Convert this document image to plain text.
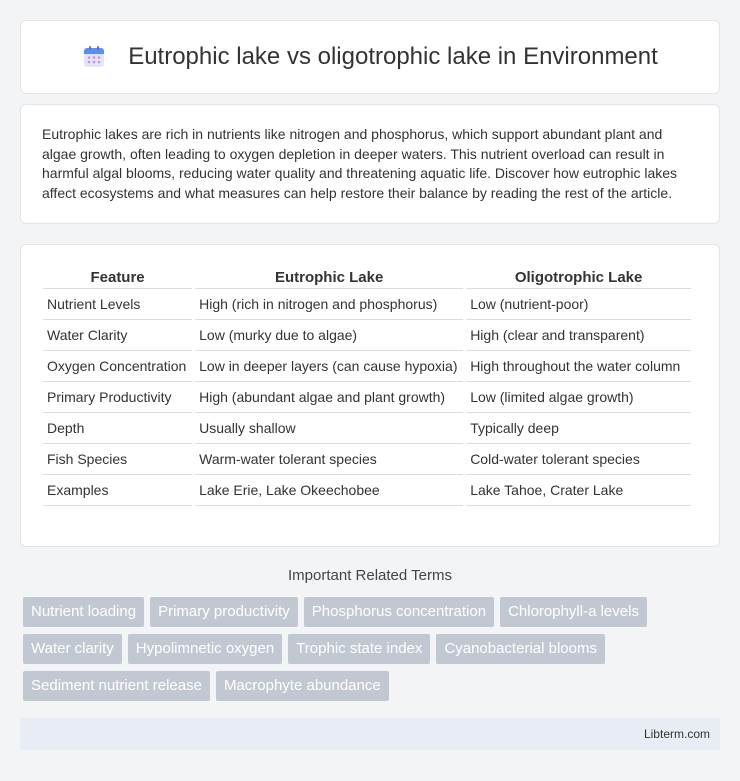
Eutrophic lake vs oligotrophic lake in Environment

Eutrophic lakes are rich in nutrients like nitrogen and phosphorus, which support abundant plant and algae growth, often leading to oxygen depletion in deeper waters. This nutrient overload can result in harmful algal blooms, reducing water quality and threatening aquatic life. Discover how eutrophic lakes affect ecosystems and what measures can help restore their balance by reading the rest of the article.

Feature	Eutrophic Lake	Oligotrophic Lake
Nutrient Levels	High (rich in nitrogen and phosphorus)	Low (nutrient-poor)
Water Clarity	Low (murky due to algae)	High (clear and transparent)
Oxygen Concentration	Low in deeper layers (can cause hypoxia)	High throughout the water column
Primary Productivity	High (abundant algae and plant growth)	Low (limited algae growth)
Depth	Usually shallow	Typically deep
Fish Species	Warm-water tolerant species	Cold-water tolerant species
Examples	Lake Erie, Lake Okeechobee	Lake Tahoe, Crater Lake
Important Related Terms
Nutrient loading	Primary productivity	Phosphorus concentration	Chlorophyll-a levels
Water clarity	Hypolimnetic oxygen	Trophic state index	Cyanobacterial blooms
Sediment nutrient release	Macrophyte abundance
Libterm.com
